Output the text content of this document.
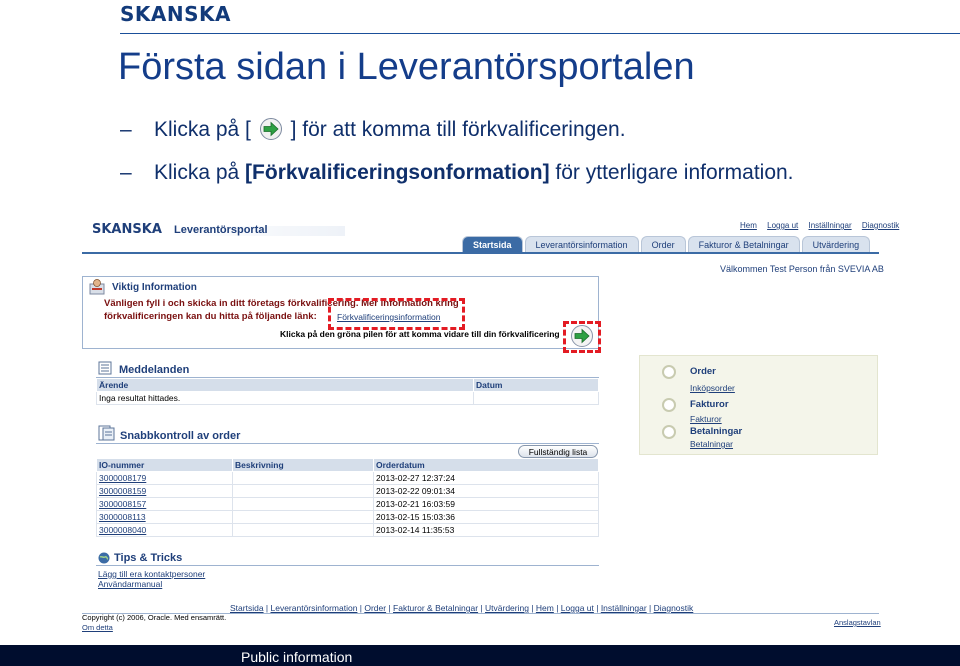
SKANSKA
Första sidan i Leverantörsportalen
– Klicka på [ ] för att komma till förkvalificeringen.
– Klicka på [Förkvalificeringsonformation] för ytterligare information.
SKANSKA Leverantörsportal	Hem Logga ut Inställningar Diagnostik
Startsida	Leverantörsinformation	Order	Fakturor & Betalningar	Utvärdering
Välkommen Test Person från SVEVIA AB
Viktig Information
Vänligen fyll i och skicka in ditt företags förkvalificering. Mer information kring
förkvalificeringen kan du hitta på följande länk: Förkvalificeringsinformation
Klicka på den gröna pilen för att komma vidare till din förkvalificering
Meddelanden
Ärende	Datum
Inga resultat hittades.	
Snabbkontroll av order
Fullständig lista
IO-nummer	Beskrivning	Orderdatum
3000008179		2013-02-27 12:37:24
3000008159		2013-02-22 09:01:34
3000008157		2013-02-21 16:03:59
3000008113		2013-02-15 15:03:36
3000008040		2013-02-14 11:35:53
Tips & Tricks
Lägg till era kontaktpersoner
Användarmanual
Order
Inköpsorder
Fakturor
Fakturor
Betalningar
Betalningar
Startsida | Leverantörsinformation | Order | Fakturor & Betalningar | Utvärdering | Hem | Logga ut | Inställningar | Diagnostik
Copyright (c) 2006, Oracle. Med ensamrätt.
Om detta
Anslagstavlan
Public information
